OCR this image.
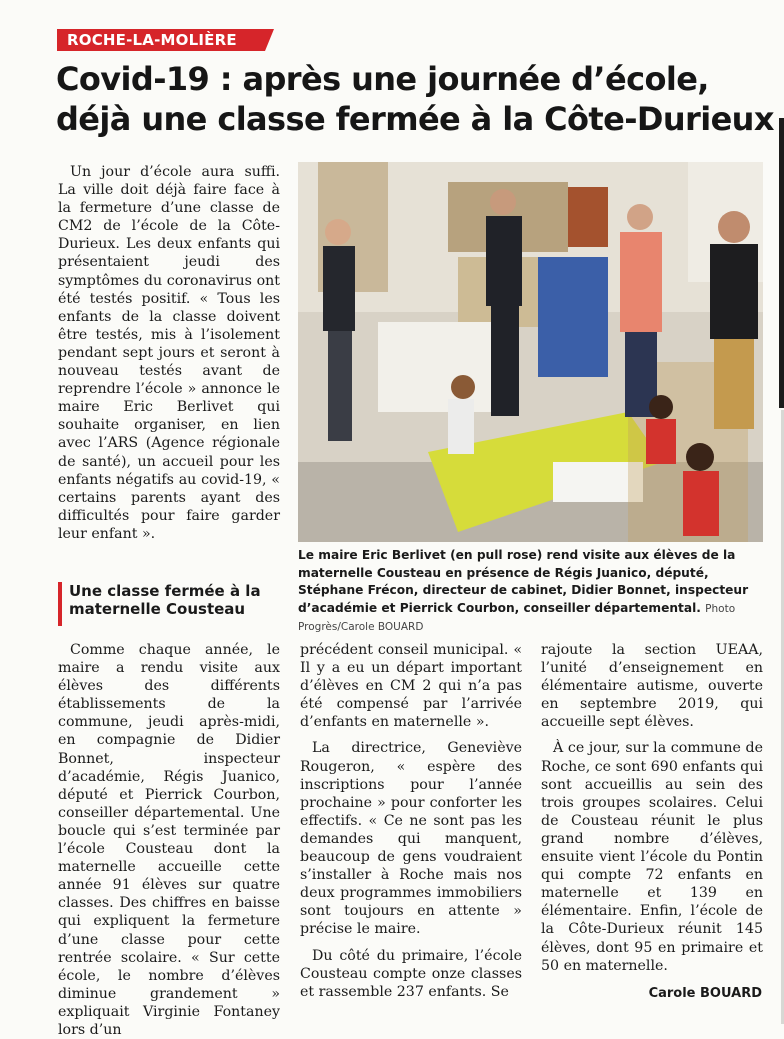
ROCHE-LA-MOLIÈRE
Covid-19 : après une journée d’école, déjà une classe fermée à la Côte-Durieux

Un jour d’école aura suffi. La ville doit déjà faire face à la fermeture d’une classe de CM2 de l’école de la Côte-Durieux. Les deux enfants qui présentaient jeudi des symptômes du coronavirus ont été testés positif. « Tous les enfants de la classe doivent être testés, mis à l’isolement pendant sept jours et seront à nouveau testés avant de reprendre l’école » annonce le maire Eric Berlivet qui souhaite organiser, en lien avec l’ARS (Agence régionale de santé), un accueil pour les enfants négatifs au covid-19, « certains parents ayant des difficultés pour faire garder leur enfant ».

Une classe fermée à la maternelle Cousteau

Le maire Eric Berlivet (en pull rose) rend visite aux élèves de la maternelle Cousteau en présence de Régis Juanico, député, Stéphane Frécon, directeur de cabinet, Didier Bonnet, inspecteur d’académie et Pierrick Courbon, conseiller départemental. Photo Progrès/Carole BOUARD

Comme chaque année, le maire a rendu visite aux élèves des différents établissements de la commune, jeudi après-midi, en compagnie de Didier Bonnet, inspecteur d’académie, Régis Juanico, député et Pierrick Courbon, conseiller départemental. Une boucle qui s’est terminée par l’école Cousteau dont la maternelle accueille cette année 91 élèves sur quatre classes. Des chiffres en baisse qui expliquent la fermeture d’une classe pour cette rentrée scolaire. « Sur cette école, le nombre d’élèves diminue grandement » expliquait Virginie Fontaney lors d’un

précédent conseil municipal. « Il y a eu un départ important d’élèves en CM 2 qui n’a pas été compensé par l’arrivée d’enfants en maternelle ».

La directrice, Geneviève Rougeron, « espère des inscriptions pour l’année prochaine » pour conforter les effectifs. « Ce ne sont pas les demandes qui manquent, beaucoup de gens voudraient s’installer à Roche mais nos deux programmes immobiliers sont toujours en attente » précise le maire.

Du côté du primaire, l’école Cousteau compte onze classes et rassemble 237 enfants. Se

rajoute la section UEAA, l’unité d’enseignement en élémentaire autisme, ouverte en septembre 2019, qui accueille sept élèves.

À ce jour, sur la commune de Roche, ce sont 690 enfants qui sont accueillis au sein des trois groupes scolaires. Celui de Cousteau réunit le plus grand nombre d’élèves, ensuite vient l’école du Pontin qui compte 72 enfants en maternelle et 139 en élémentaire. Enfin, l’école de la Côte-Durieux réunit 145 élèves, dont 95 en primaire et 50 en maternelle.

Carole BOUARD
